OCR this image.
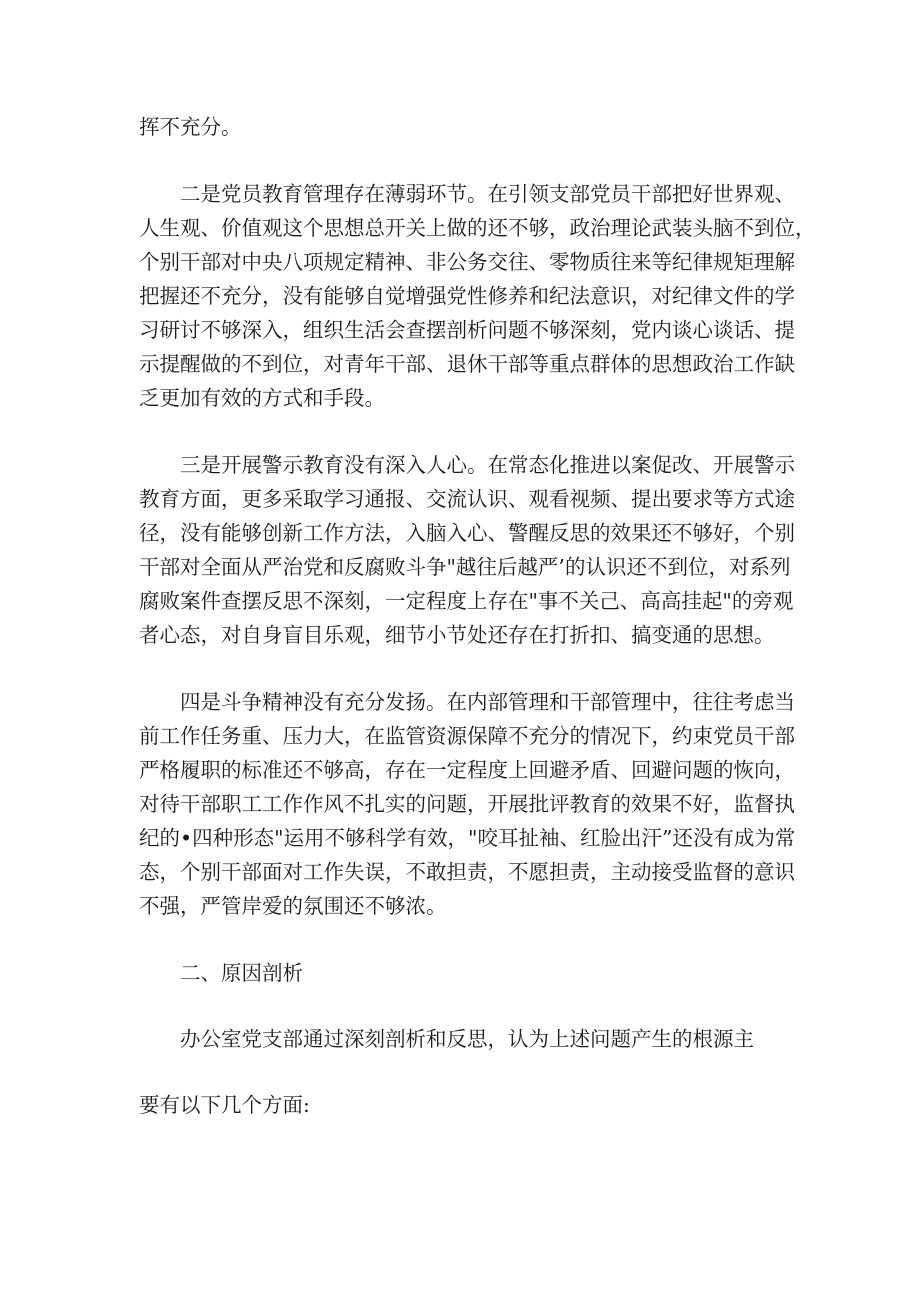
挥不充分。
二是党员教育管理存在薄弱环节。在引领支部党员干部把好世界观、
人生观、价值观这个思想总开关上做的还不够，政治理论武装头脑不到位，
个别干部对中央八项规定精神、非公务交往、零物质往来等纪律规矩理解
把握还不充分，没有能够自觉增强党性修养和纪法意识，对纪律文件的学
习研讨不够深入，组织生活会查摆剖析问题不够深刻，党内谈心谈话、提
示提醒做的不到位，对青年干部、退休干部等重点群体的思想政治工作缺
乏更加有效的方式和手段。
三是开展警示教育没有深入人心。在常态化推进以案促改、开展警示
教育方面，更多采取学习通报、交流认识、观看视频、提出要求等方式途
径，没有能够创新工作方法，入脑入心、警醒反思的效果还不够好，个别
干部对全面从严治党和反腐败斗争"越往后越严’的认识还不到位，对系列
腐败案件查摆反思不深刻，一定程度上存在"事不关己、高高挂起"的旁观
者心态，对自身盲目乐观，细节小节处还存在打折扣、搞变通的思想。
四是斗争精神没有充分发扬。在内部管理和干部管理中，往往考虑当
前工作任务重、压力大，在监管资源保障不充分的情况下，约束党员干部
严格履职的标准还不够高，存在一定程度上回避矛盾、回避问题的恢向，
对待干部职工工作作风不扎实的问题，开展批评教育的效果不好，监督执
纪的•四种形态"运用不够科学有效，"咬耳扯袖、红脸出汗”还没有成为常
态，个别干部面对工作失误，不敢担责，不愿担责，主动接受监督的意识
不强，严管岸爱的氛围还不够浓。
二、原因剖析
办公室党支部通过深刻剖析和反思，认为上述问题产生的根源主
要有以下几个方面:
